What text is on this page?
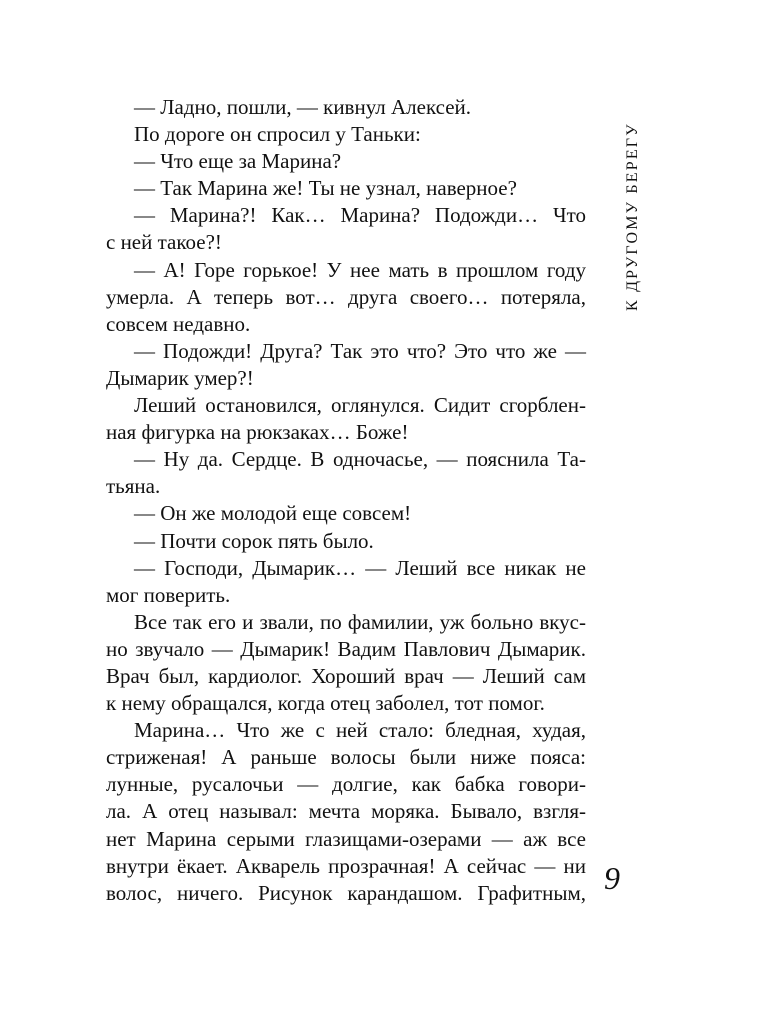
К ДРУГОМУ БЕРЕГУ
— Ладно, пошли, — кивнул Алексей.
По дороге он спросил у Таньки:
— Что еще за Марина?
— Так Марина же! Ты не узнал, наверное?
— Марина?! Как… Марина? Подожди… Что
с ней такое?!
— А! Горе горькое! У нее мать в прошлом году
умерла. А теперь вот… друга своего… потеряла,
совсем недавно.
— Подожди! Друга? Так это что? Это что же —
Дымарик умер?!
Леший остановился, оглянулся. Сидит сгорблен-
ная фигурка на рюкзаках… Боже!
— Ну да. Сердце. В одночасье, — пояснила Та-
тьяна.
— Он же молодой еще совсем!
— Почти сорок пять было.
— Господи, Дымарик… — Леший все никак не
мог поверить.
Все так его и звали, по фамилии, уж больно вкус-
но звучало — Дымарик! Вадим Павлович Дымарик.
Врач был, кардиолог. Хороший врач — Леший сам
к нему обращался, когда отец заболел, тот помог.
Марина… Что же с ней стало: бледная, худая,
стриженая! А раньше волосы были ниже пояса:
лунные, русалочьи — долгие, как бабка говори-
ла. А отец называл: мечта моряка. Бывало, взгля-
нет Марина серыми глазищами-озерами — аж все
внутри ёкает. Акварель прозрачная! А сейчас — ни
волос, ничего. Рисунок карандашом. Графитным, 9
